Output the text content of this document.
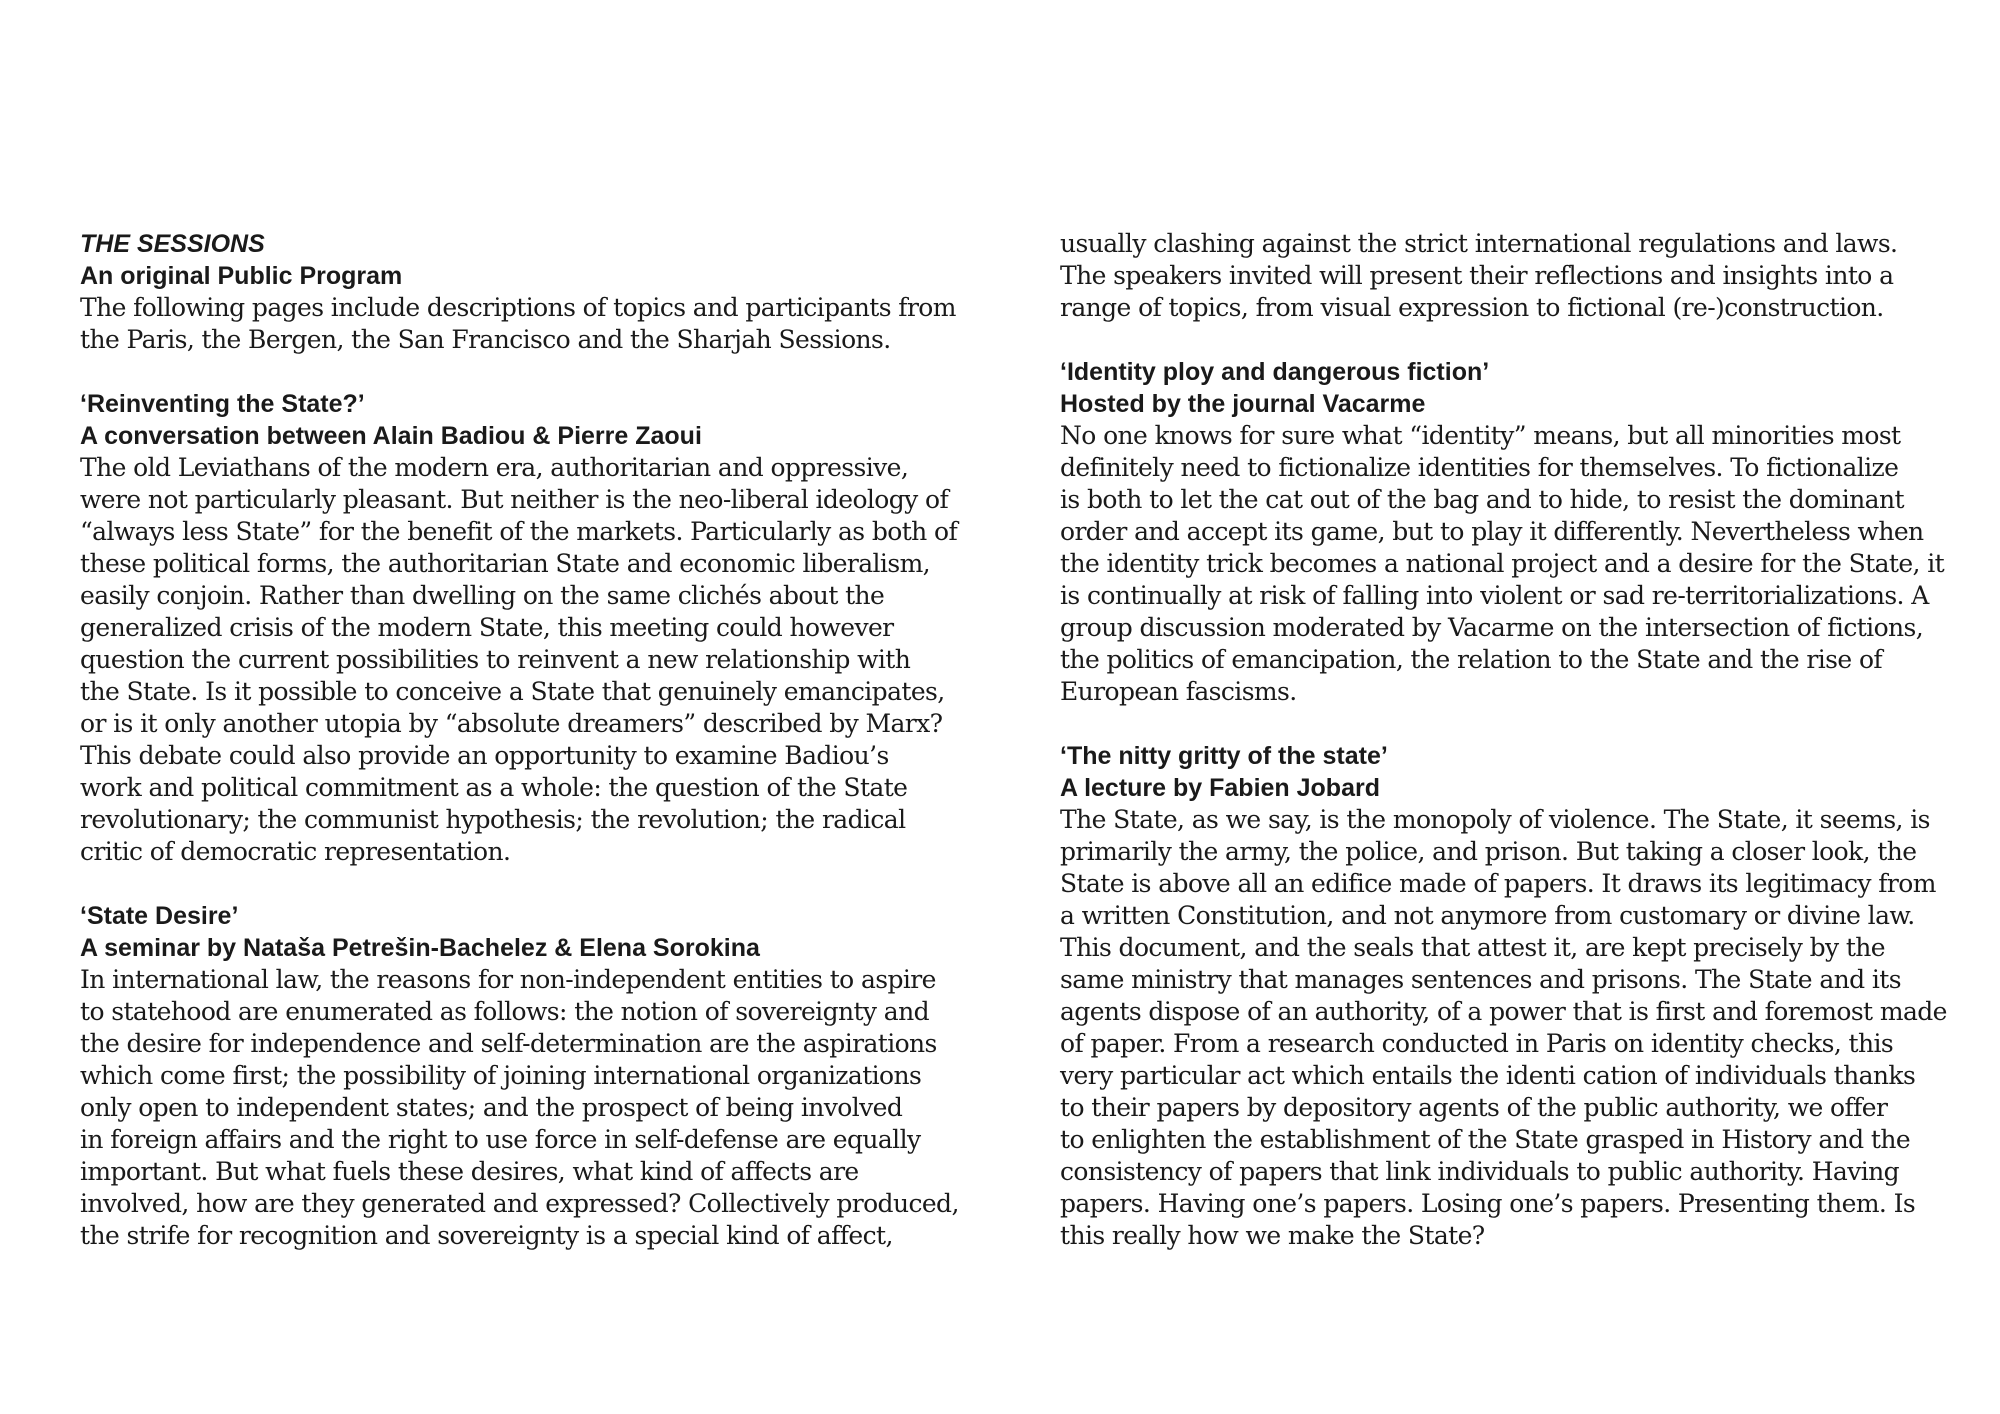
THE SESSIONS
An original Public Program
The following pages include descriptions of topics and participants from
the Paris, the Bergen, the San Francisco and the Sharjah Sessions.
‘Reinventing the State?’
A conversation between Alain Badiou & Pierre Zaoui
The old Leviathans of the modern era, authoritarian and oppressive,
were not particularly pleasant. But neither is the neo-liberal ideology of
“always less State” for the benefit of the markets. Particularly as both of
these political forms, the authoritarian State and economic liberalism,
easily conjoin. Rather than dwelling on the same clichés about the
generalized crisis of the modern State, this meeting could however
question the current possibilities to reinvent a new relationship with
the State. Is it possible to conceive a State that genuinely emancipates,
or is it only another utopia by “absolute dreamers” described by Marx?
This debate could also provide an opportunity to examine Badiou’s
work and political commitment as a whole: the question of the State
revolutionary; the communist hypothesis; the revolution; the radical
critic of democratic representation.
‘State Desire’
A seminar by Nataša Petrešin-Bachelez & Elena Sorokina
In international law, the reasons for non-independent entities to aspire
to statehood are enumerated as follows: the notion of sovereignty and
the desire for independence and self-determination are the aspirations
which come first; the possibility of joining international organizations
only open to independent states; and the prospect of being involved
in foreign affairs and the right to use force in self-defense are equally
important. But what fuels these desires, what kind of affects are
involved, how are they generated and expressed? Collectively produced,
the strife for recognition and sovereignty is a special kind of affect,
usually clashing against the strict international regulations and laws.
The speakers invited will present their reflections and insights into a
range of topics, from visual expression to fictional (re-)construction.
‘Identity ploy and dangerous fiction’
Hosted by the journal Vacarme
No one knows for sure what “identity” means, but all minorities most
definitely need to fictionalize identities for themselves. To fictionalize
is both to let the cat out of the bag and to hide, to resist the dominant
order and accept its game, but to play it differently. Nevertheless when
the identity trick becomes a national project and a desire for the State, it
is continually at risk of falling into violent or sad re-territorializations. A
group discussion moderated by Vacarme on the intersection of fictions,
the politics of emancipation, the relation to the State and the rise of
European fascisms.
‘The nitty gritty of the state’
A lecture by Fabien Jobard
The State, as we say, is the monopoly of violence. The State, it seems, is
primarily the army, the police, and prison. But taking a closer look, the
State is above all an edifice made of papers. It draws its legitimacy from
a written Constitution, and not anymore from customary or divine law.
This document, and the seals that attest it, are kept precisely by the
same ministry that manages sentences and prisons. The State and its
agents dispose of an authority, of a power that is first and foremost made
of paper. From a research conducted in Paris on identity checks, this
very particular act which entails the identi cation of individuals thanks
to their papers by depository agents of the public authority, we offer
to enlighten the establishment of the State grasped in History and the
consistency of papers that link individuals to public authority. Having
papers. Having one’s papers. Losing one’s papers. Presenting them. Is
this really how we make the State?
